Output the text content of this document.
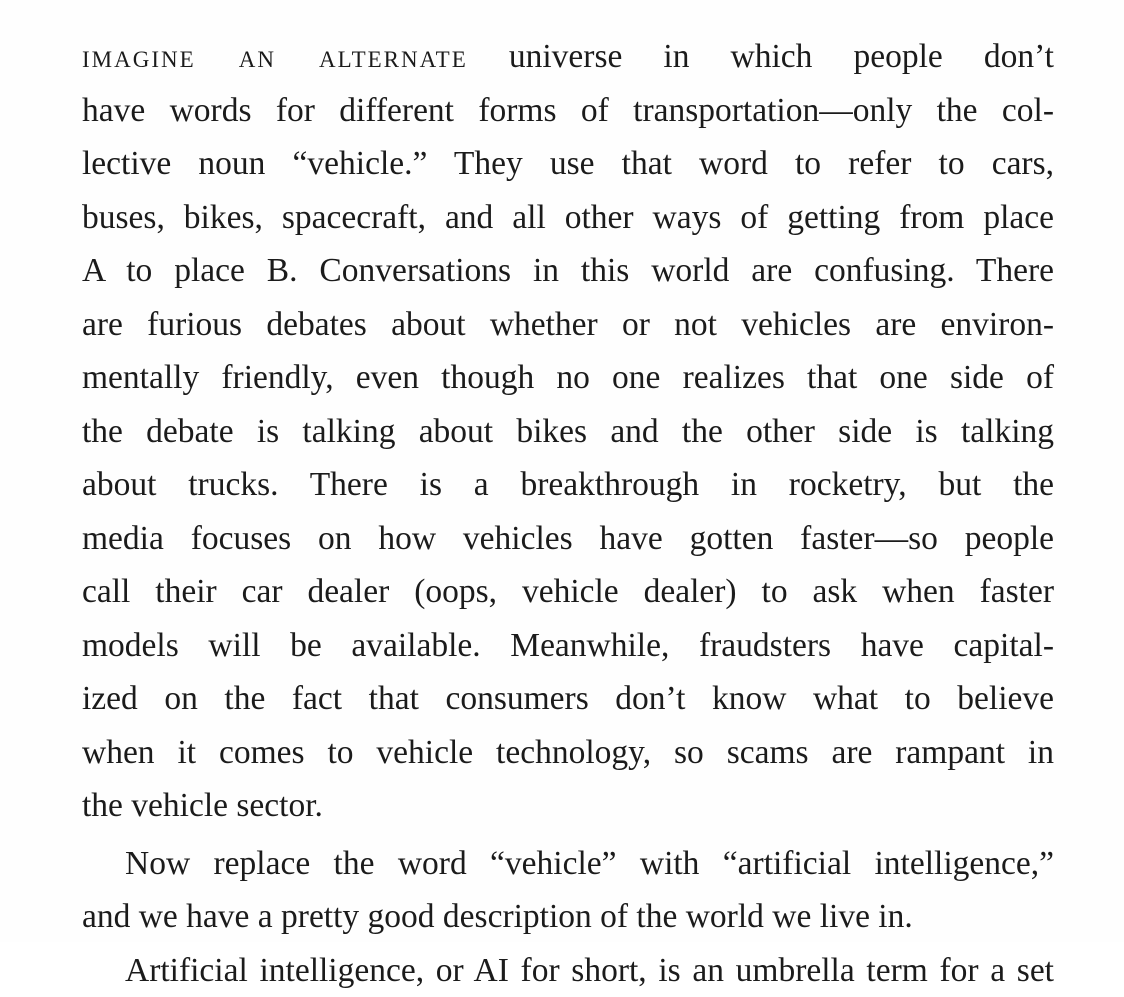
imagine an alternate universe in which people don’t
have words for different forms of transportation—only the col-
lective noun “vehicle.” They use that word to refer to cars,
buses, bikes, spacecraft, and all other ways of getting from place
A to place B. Conversations in this world are confusing. There
are furious debates about whether or not vehicles are environ-
mentally friendly, even though no one realizes that one side of
the debate is talking about bikes and the other side is talking
about trucks. There is a breakthrough in rocketry, but the
media focuses on how vehicles have gotten faster—so people
call their car dealer (oops, vehicle dealer) to ask when faster
models will be available. Meanwhile, fraudsters have capital-
ized on the fact that consumers don’t know what to believe
when it comes to vehicle technology, so scams are rampant in
the vehicle sector.
Now replace the word “vehicle” with “artificial intelligence,”
and we have a pretty good description of the world we live in.
Artificial intelligence, or AI for short, is an umbrella term for a set
